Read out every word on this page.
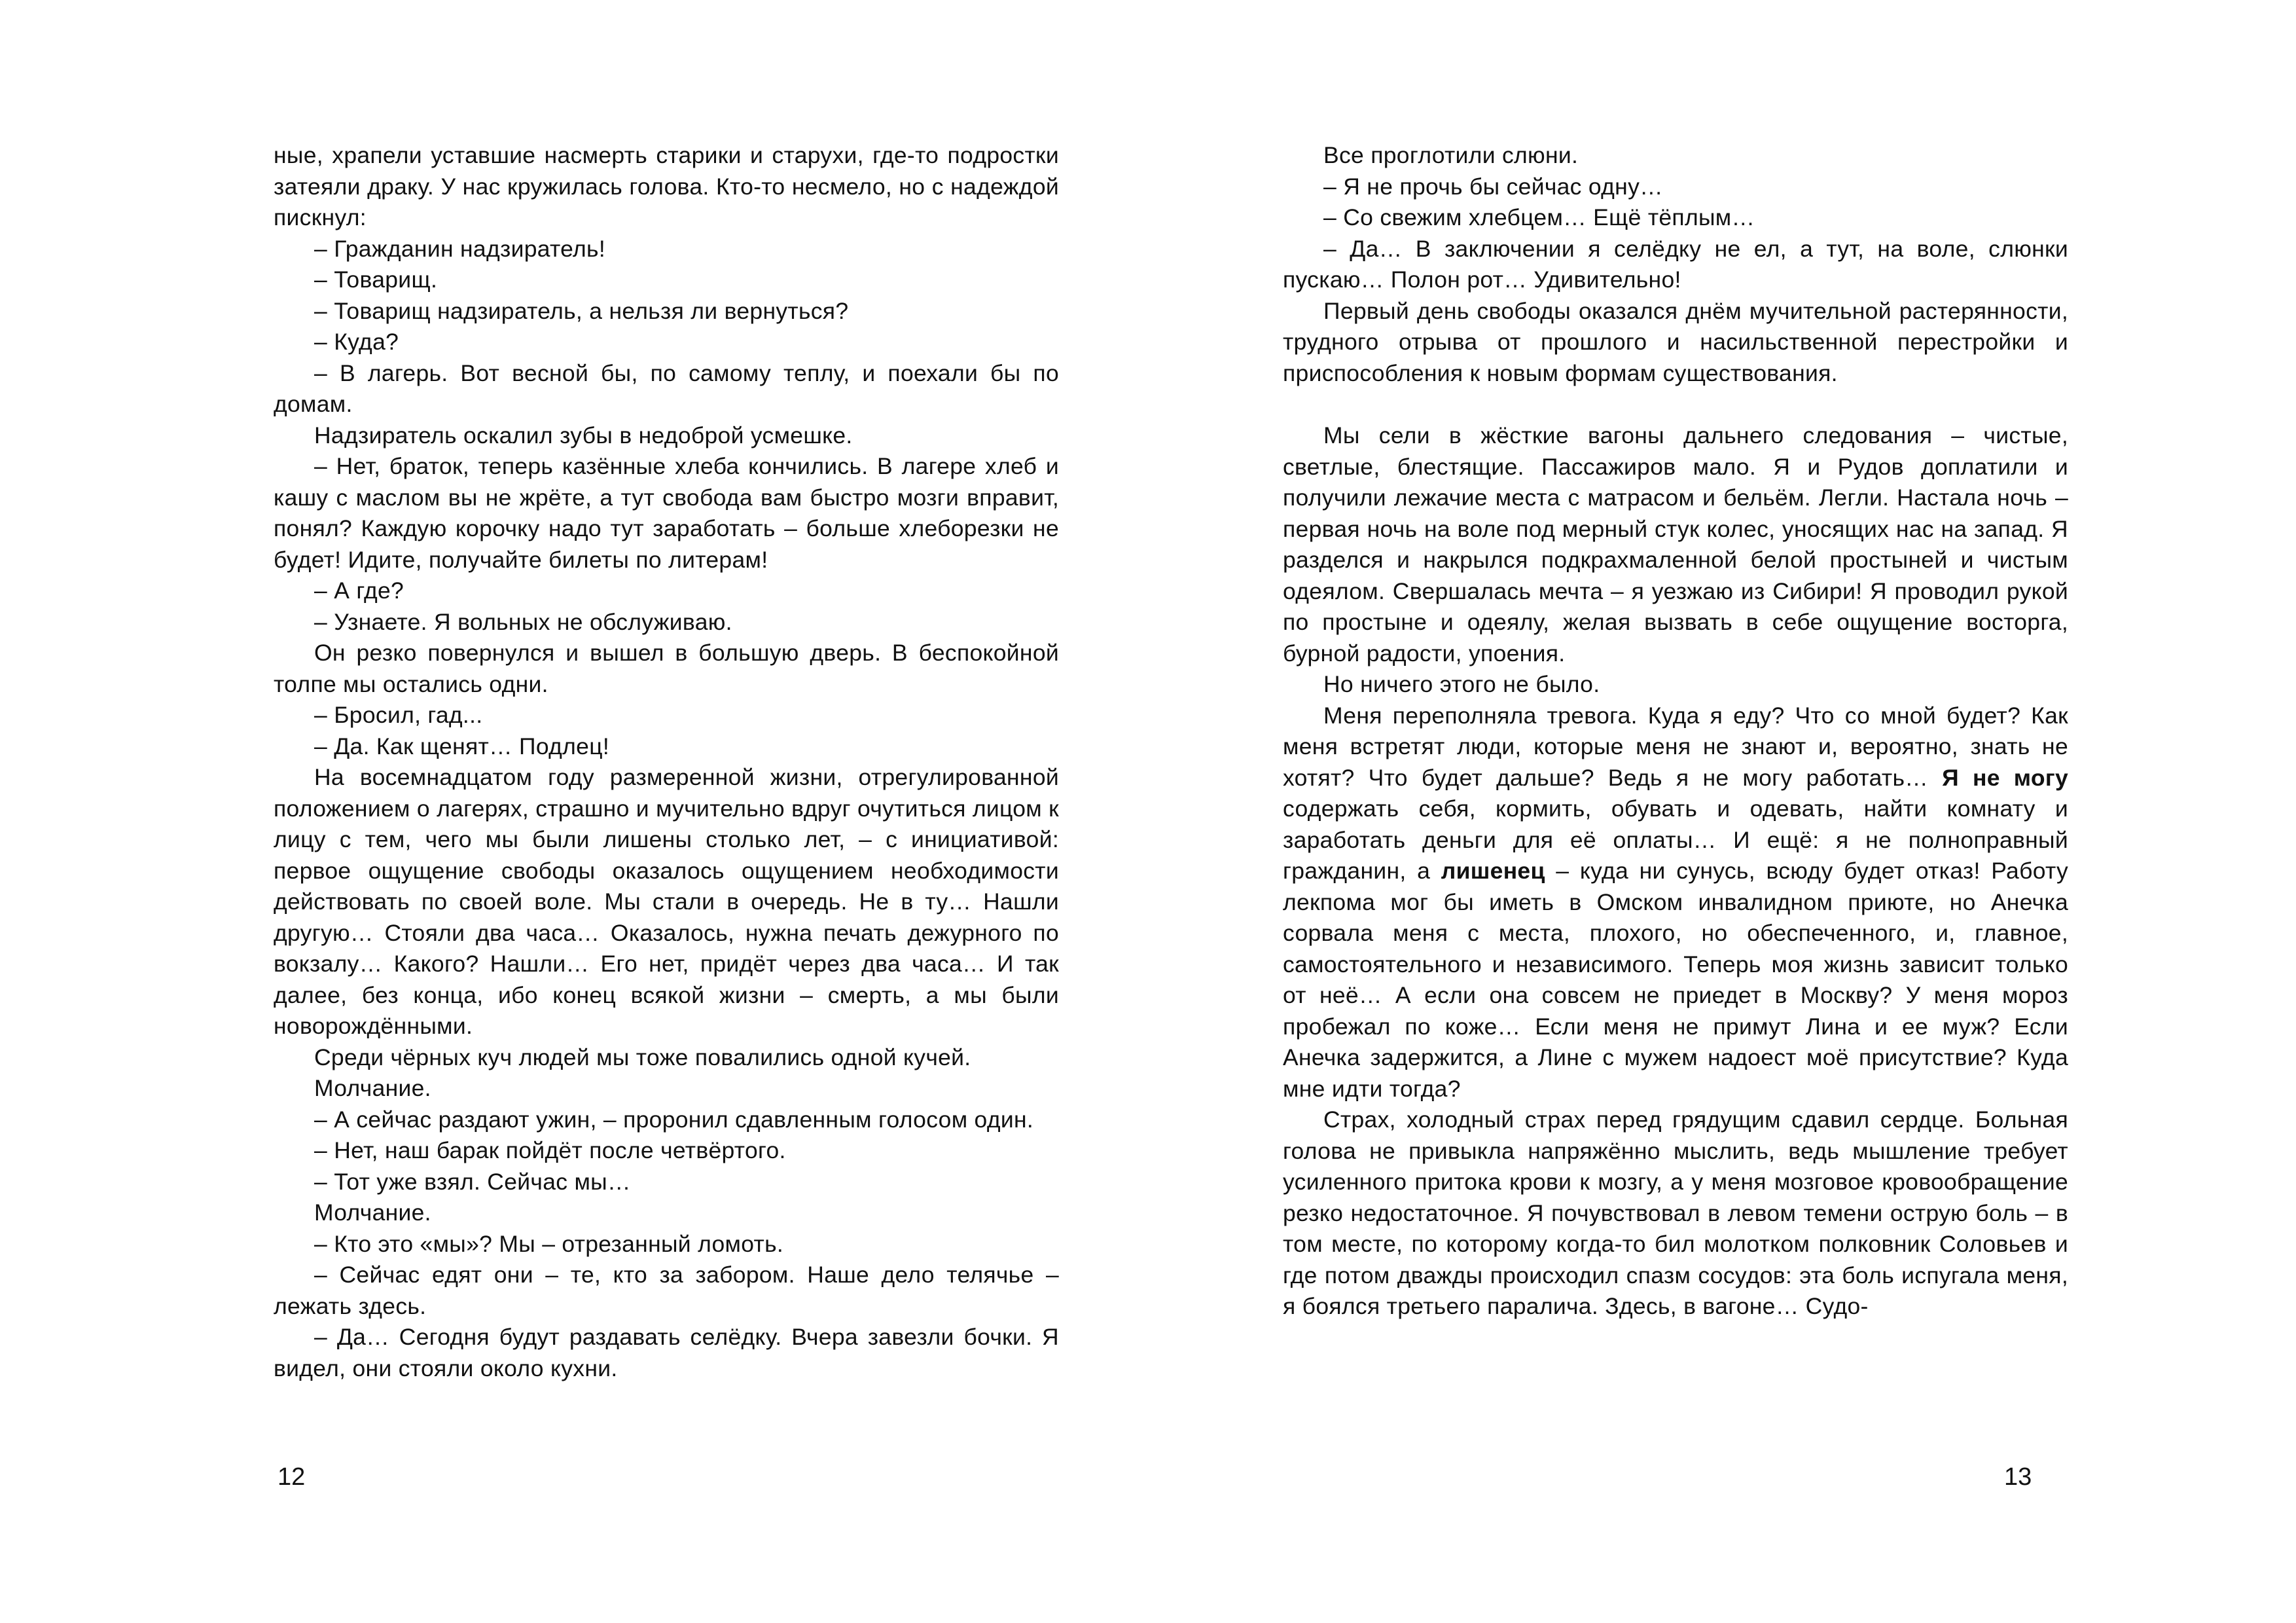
ные, храпели уставшие насмерть старики и старухи, где-то подростки затеяли драку. У нас кружилась голова. Кто-то несмело, но с надеждой пискнул:

– Гражданин надзиратель!

– Товарищ.

– Товарищ надзиратель, а нельзя ли вернуться?

– Куда?

– В лагерь. Вот весной бы, по самому теплу, и поехали бы по домам.

Надзиратель оскалил зубы в недоброй усмешке.

– Нет, браток, теперь казённые хлеба кончились. В лагере хлеб и кашу с маслом вы не жрёте, а тут свобода вам быстро мозги вправит, понял? Каждую корочку надо тут заработать – больше хлеборезки не будет! Идите, получайте билеты по литерам!

– А где?

– Узнаете. Я вольных не обслуживаю.

Он резко повернулся и вышел в большую дверь. В беспокойной толпе мы остались одни.

– Бросил, гад...

– Да. Как щенят… Подлец!

На восемнадцатом году размеренной жизни, отрегулированной положением о лагерях, страшно и мучительно вдруг очутиться лицом к лицу с тем, чего мы были лишены столько лет, – с инициативой: первое ощущение свободы оказалось ощущением необходимости действовать по своей воле. Мы стали в очередь. Не в ту… Нашли другую… Стояли два часа… Оказалось, нужна печать дежурного по вокзалу… Какого? Нашли… Его нет, придёт через два часа… И так далее, без конца, ибо конец всякой жизни – смерть, а мы были новорождёнными.

Среди чёрных куч людей мы тоже повалились одной кучей.

Молчание.

– А сейчас раздают ужин, – проронил сдавленным голосом один.

– Нет, наш барак пойдёт после четвёртого.

– Тот уже взял. Сейчас мы…

Молчание.

– Кто это «мы»? Мы – отрезанный ломоть.

– Сейчас едят они – те, кто за забором. Наше дело телячье – лежать здесь.

– Да… Сегодня будут раздавать селёдку. Вчера завезли бочки. Я видел, они стояли около кухни.

12

Все проглотили слюни.

– Я не прочь бы сейчас одну…

– Со свежим хлебцем… Ещё тёплым…

– Да… В заключении я селёдку не ел, а тут, на воле, слюнки пускаю… Полон рот… Удивительно!

Первый день свободы оказался днём мучительной растерянности, трудного отрыва от прошлого и насильственной перестройки и приспособления к новым формам существования.

Мы сели в жёсткие вагоны дальнего следования – чистые, светлые, блестящие. Пассажиров мало. Я и Рудов доплатили и получили лежачие места с матрасом и бельём. Легли. Настала ночь – первая ночь на воле под мерный стук колес, уносящих нас на запад. Я разделся и накрылся подкрахмаленной белой простыней и чистым одеялом. Свершалась мечта – я уезжаю из Сибири! Я проводил рукой по простыне и одеялу, желая вызвать в себе ощущение восторга, бурной радости, упоения.

Но ничего этого не было.

Меня переполняла тревога. Куда я еду? Что со мной будет? Как меня встретят люди, которые меня не знают и, вероятно, знать не хотят? Что будет дальше? Ведь я не могу работать… Я не могу содержать себя, кормить, обувать и одевать, найти комнату и заработать деньги для её оплаты… И ещё: я не полноправный гражданин, а лишенец – куда ни сунусь, всюду будет отказ! Работу лекпома мог бы иметь в Омском инвалидном приюте, но Анечка сорвала меня с места, плохого, но обеспеченного, и, главное, самостоятельного и независимого. Теперь моя жизнь зависит только от неё… А если она совсем не приедет в Москву? У меня мороз пробежал по коже… Если меня не примут Лина и ее муж? Если Анечка задержится, а Лине с мужем надоест моё присутствие? Куда мне идти тогда?

Страх, холодный страх перед грядущим сдавил сердце. Больная голова не привыкла напряжённо мыслить, ведь мышление требует усиленного притока крови к мозгу, а у меня мозговое кровообращение резко недостаточное. Я почувствовал в левом темени острую боль – в том месте, по которому когда-то бил молотком полковник Соловьев и где потом дважды происходил спазм сосудов: эта боль испугала меня, я боялся третьего паралича. Здесь, в вагоне… Судо-

13
